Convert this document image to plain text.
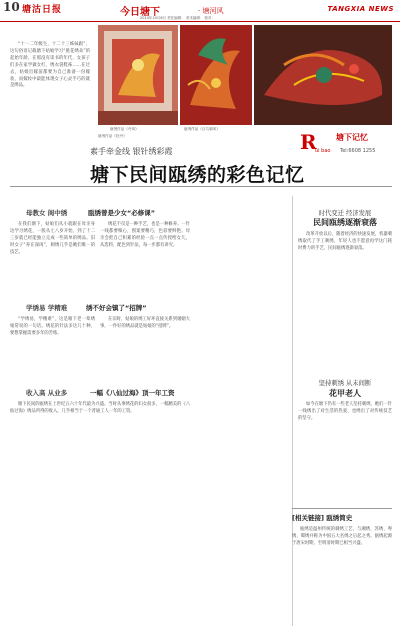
10 塘沽日报	今日塘下	· 塘河风	TANGXIA NEWS
2014年10月8日 责任编辑： 美术编辑： 校对：

“十一二年级生，十二十三姊妹跟”，这句俗语记载塘下姑娘学习“挑花绣朵”的起始年龄。在那没有读书的年代，女孩子们多在家学做女红，绣衣裳鞋袜……在过去，姑娘出嫁前都要为自己准备一份嫁妆，而嫁妆中最能体现女子心灵手巧的就是绣品。

瓯绣作品《丹凤》	瓯绣作品《百鸟朝凤》
瓯绣作品《牡丹》	R 塘下记忆
ui bao Tel:6608 1255
素手牵金线 银针绣彩霞
塘下民间瓯绣的彩色记忆
母教女 闺中绣	瓯绣曾是少女“必修课”

在我们塘下，姑娘们从小就跟在母亲身边学习绣花，一般从七八岁开始，到了十二三岁就已经能独立完成一些简单的绣品。旧时女子“养在深闺”，刺绣几乎是她们唯一的技艺。

绣花不仅是一种手艺，也是一种修养。一针一线都要细心，图案要精巧，色彩要鲜艳。母亲会把自己积累的经验一点一点传授给女儿，从选料、配色到针法，每一步都有讲究。

学绣易 学精难	绣不好会镇了“招牌”

“学绣易，学精难”，这是塘下老一辈绣娘常说的一句话。绣花的针法多达几十种，要想掌握需要多年的苦练。

在旧时，姑娘的绣工好坏直接关系到婚姻大事，一件好的绣品就是姑娘的“招牌”。

收入高 从业多	一幅《八仙过海》顶一年工资

塘下民间的瓯绣在上世纪五六十年代最为兴盛。当时从事绣花的妇女很多，一幅精美的《八仙过海》绣品所得的收入，几乎相当于一个普通工人一年的工资。

时代变迁 经济发展
民间瓯绣逐渐衰落

改革开放以后，随着经济的快速发展，机器刺绣取代了手工刺绣，年轻人也不愿意再学这门耗时费力的手艺，民间瓯绣逐渐衰落。

坚持刺绣 从未间断
花甲老人

如今在塘下仍有一些老人坚持刺绣，她们一针一线绣出了对生活的热爱，也绣出了对传统技艺的坚守。

[相关链接] 瓯绣简史

瓯绣是温州传统的刺绣工艺，与湘绣、苏绣、粤绣、蜀绣并称为中国五大名绣之后起之秀。瓯绣起源于唐宋时期，至明清时期已相当兴盛。
